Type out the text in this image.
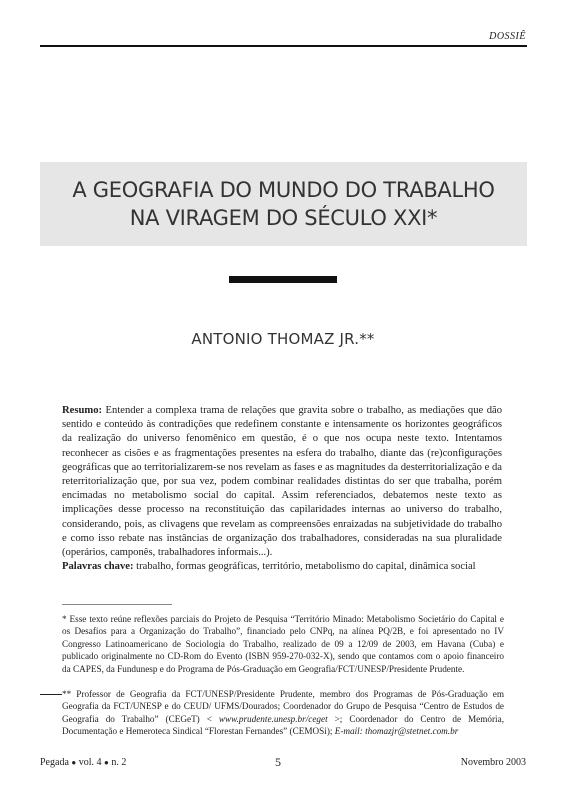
DOSSIÊ
A GEOGRAFIA DO MUNDO DO TRABALHO
NA VIRAGEM DO SÉCULO XXI*
ANTONIO THOMAZ JR.**
Resumo: Entender a complexa trama de relações que gravita sobre o trabalho, as mediações que dão sentido e conteúdo às contradições que redefinem constante e intensamente os horizontes geográficos da realização do universo fenomênico em questão, é o que nos ocupa neste texto. Intentamos reconhecer as cisões e as fragmentações presentes na esfera do trabalho, diante das (re)configurações geográficas que ao territorializarem-se nos revelam as fases e as magnitudes da desterritorialização e da reterritorialização que, por sua vez, podem combinar realidades distintas do ser que trabalha, porém encimadas no metabolismo social do capital. Assim referenciados, debatemos neste texto as implicações desse processo na reconstituição das capilaridades internas ao universo do trabalho, considerando, pois, as clivagens que revelam as compreensões enraizadas na subjetividade do trabalho e como isso rebate nas instâncias de organização dos trabalhadores, consideradas na sua pluralidade (operários, camponês, trabalhadores informais...).
Palavras chave: trabalho, formas geográficas, território, metabolismo do capital, dinâmica social
* Esse texto reúne reflexões parciais do Projeto de Pesquisa “Território Minado: Metabolismo Societário do Capital e os Desafios para a Organização do Trabalho”, financiado pelo CNPq, na alínea PQ/2B, e foi apresentado no IV Congresso Latinoamericano de Sociologia do Trabalho, realizado de 09 a 12/09 de 2003, em Havana (Cuba) e publicado originalmente no CD-Rom do Evento (ISBN 959-270-032-X), sendo que contamos com o apoio financeiro da CAPES, da Fundunesp e do Programa de Pós-Graduação em Geografia/FCT/UNESP/Presidente Prudente.
** Professor de Geografia da FCT/UNESP/Presidente Prudente, membro dos Programas de Pós-Graduação em Geografia da FCT/UNESP e do CEUD/ UFMS/Dourados; Coordenador do Grupo de Pesquisa “Centro de Estudos de Geografia do Trabalho” (CEGeT) < www.prudente.unesp.br/ceget >; Coordenador do Centro de Memória, Documentação e Hemeroteca Sindical “Florestan Fernandes” (CEMOSi); E-mail: thomazjr@stetnet.com.br
Pegada ● vol. 4 ● n. 2	5	Novembro 2003
